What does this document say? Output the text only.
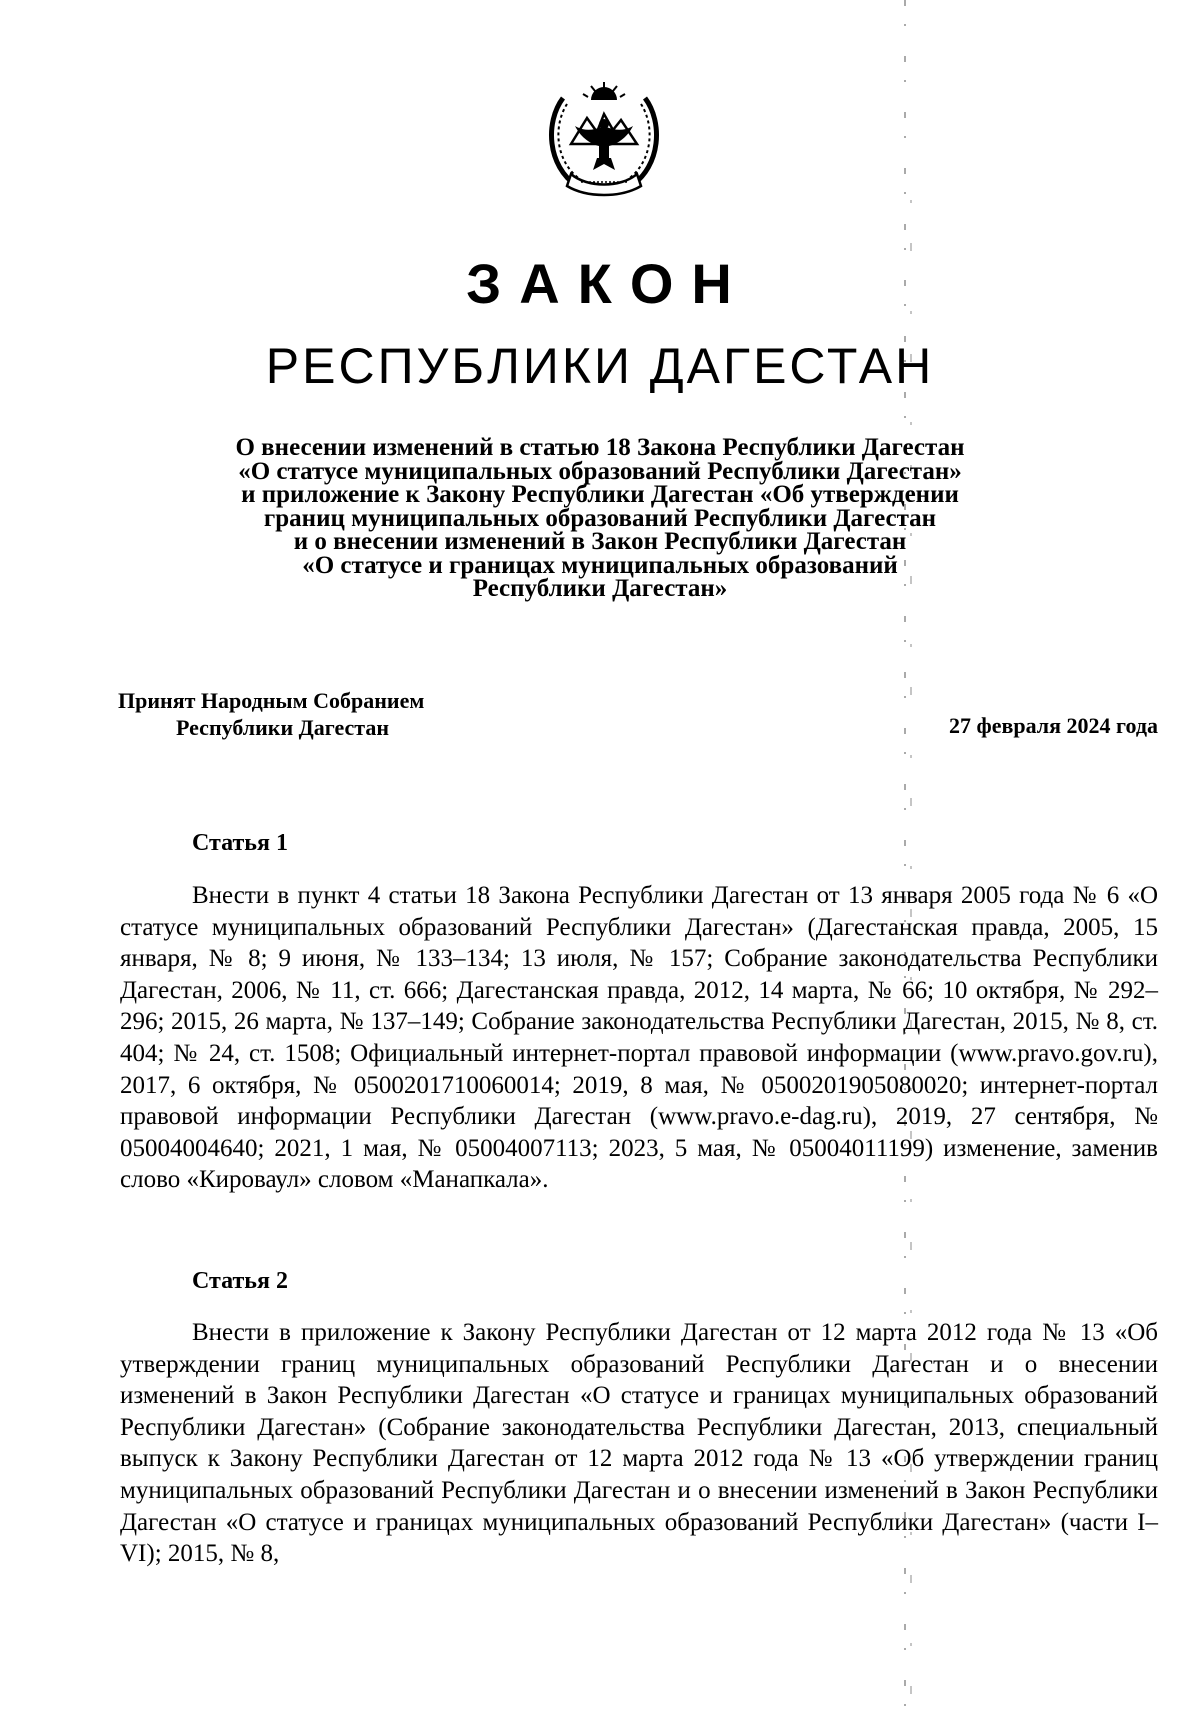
ЗАКОН
РЕСПУБЛИКИ ДАГЕСТАН
О внесении изменений в статью 18 Закона Республики Дагестан
«О статусе муниципальных образований Республики Дагестан»
и приложение к Закону Республики Дагестан «Об утверждении
границ муниципальных образований Республики Дагестан
и о внесении изменений в Закон Республики Дагестан
«О статусе и границах муниципальных образований
Республики Дагестан»
Принят Народным Собранием
Республики Дагестан	27 февраля 2024 года
Статья 1
Внести в пункт 4 статьи 18 Закона Республики Дагестан от 13 января 2005 года № 6 «О статусе муниципальных образований Республики Дагестан» (Дагестанская правда, 2005, 15 января, № 8; 9 июня, № 133–134; 13 июля, № 157; Собрание законодательства Республики Дагестан, 2006, № 11, ст. 666; Дагестанская правда, 2012, 14 марта, № 66; 10 октября, № 292–296; 2015, 26 марта, № 137–149; Собрание законодательства Республики Дагестан, 2015, № 8, ст. 404; № 24, ст. 1508; Официальный интернет-портал правовой информации (www.pravo.gov.ru), 2017, 6 октября, № 0500201710060014; 2019, 8 мая, № 0500201905080020; интернет-портал правовой информации Республики Дагестан (www.pravo.e-dag.ru), 2019, 27 сентября, № 05004004640; 2021, 1 мая, № 05004007113; 2023, 5 мая, № 05004011199) изменение, заменив слово «Кироваул» словом «Манапкала».
Статья 2
Внести в приложение к Закону Республики Дагестан от 12 марта 2012 года № 13 «Об утверждении границ муниципальных образований Республики Дагестан и о внесении изменений в Закон Республики Дагестан «О статусе и границах муниципальных образований Республики Дагестан» (Собрание законодательства Республики Дагестан, 2013, специальный выпуск к Закону Республики Дагестан от 12 марта 2012 года № 13 «Об утверждении границ муниципальных образований Республики Дагестан и о внесении изменений в Закон Республики Дагестан «О статусе и границах муниципальных образований Республики Дагестан» (части I–VI); 2015, № 8,
